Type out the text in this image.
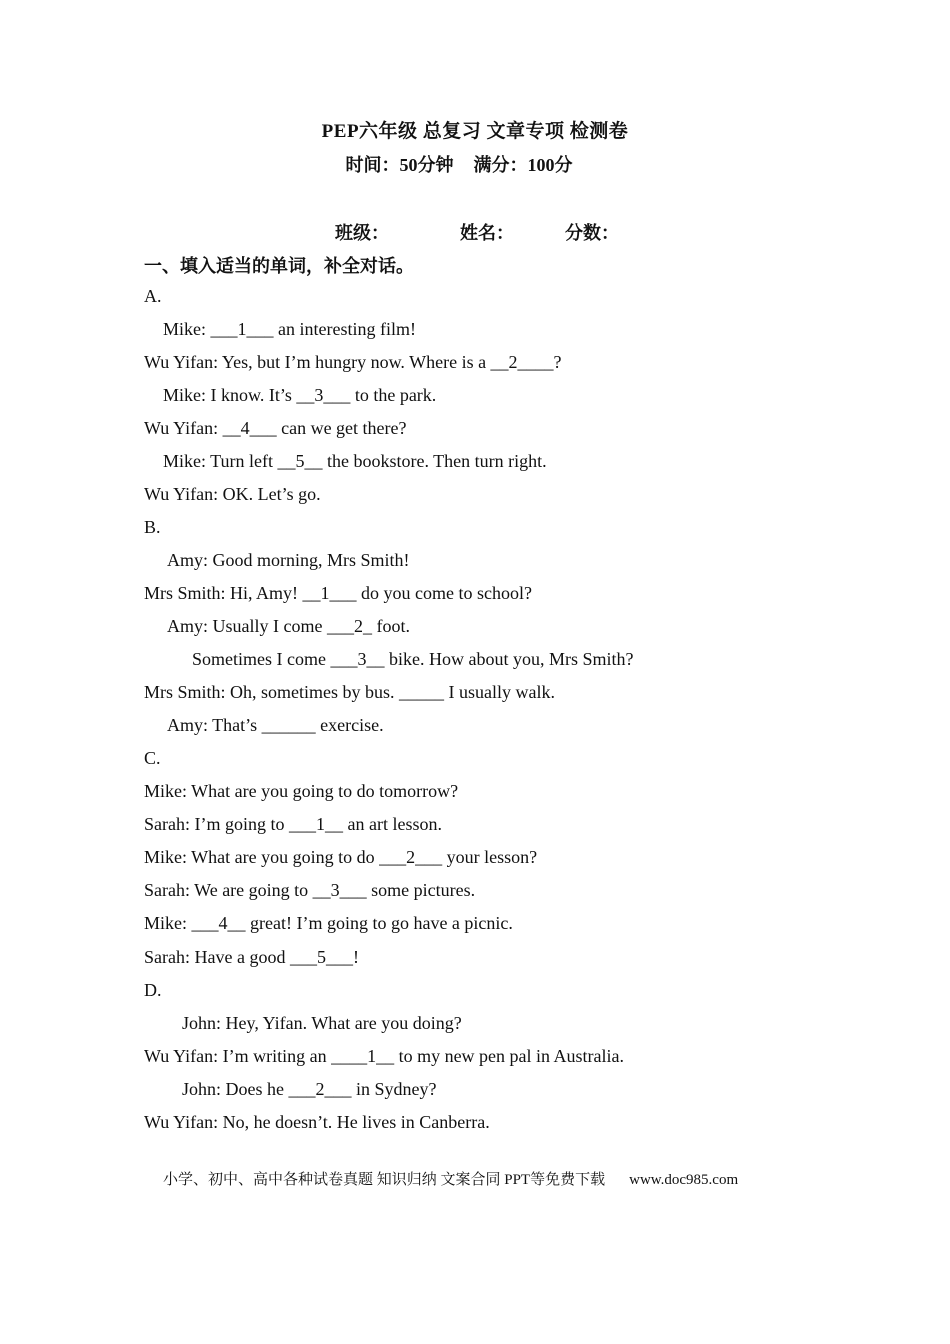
PEP六年级 总复习 文章专项 检测卷
时间：50分钟 满分：100分
班级：	姓名：	分数：
一、填入适当的单词，补全对话。
A.
Mike: ___1___ an interesting film!
Wu Yifan: Yes, but I’m hungry now. Where is a __2____?
Mike: I know. It’s __3___ to the park.
Wu Yifan: __4___ can we get there?
Mike: Turn left __5__ the bookstore. Then turn right.
Wu Yifan: OK. Let’s go.
B.
Amy: Good morning, Mrs Smith!
Mrs Smith: Hi, Amy! __1___ do you come to school?
Amy: Usually I come ___2_ foot.
Sometimes I come ___3__ bike. How about you, Mrs Smith?
Mrs Smith: Oh, sometimes by bus. _____ I usually walk.
Amy: That’s ______ exercise.
C.
Mike: What are you going to do tomorrow?
Sarah: I’m going to ___1__ an art lesson.
Mike: What are you going to do ___2___ your lesson?
Sarah: We are going to __3___ some pictures.
Mike: ___4__ great! I’m going to go have a picnic.
Sarah: Have a good ___5___!
D.
John: Hey, Yifan. What are you doing?
Wu Yifan: I’m writing an ____1__ to my new pen pal in Australia.
John: Does he ___2___ in Sydney?
Wu Yifan: No, he doesn’t. He lives in Canberra.
小学、初中、高中各种试卷真题 知识归纳 文案合同 PPT等免费下载 www.doc985.com
